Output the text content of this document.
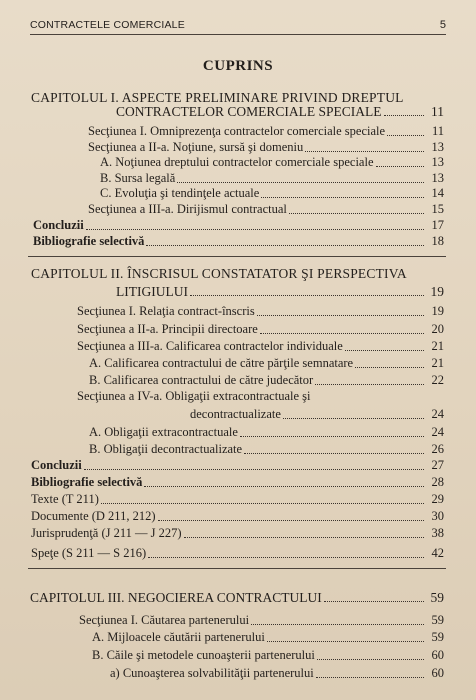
CONTRACTELE COMERCIALE	5
CUPRINS
CAPITOLUL I. ASPECTE PRELIMINARE PRIVIND DREPTUL
CONTRACTELOR COMERCIALE SPECIALE	11
Secţiunea I. Omniprezenţa contractelor comerciale speciale	11
Secţiunea a II-a. Noţiune, sursă şi domeniu	13
A. Noţiunea dreptului contractelor comerciale speciale	13
B. Sursa legală	13
C. Evoluţia şi tendinţele actuale	14
Secţiunea a III-a. Dirijismul contractual	15
Concluzii	17
Bibliografie selectivă	18
CAPITOLUL II. ÎNSCRISUL CONSTATATOR ŞI PERSPECTIVA
LITIGIULUI	19
Secţiunea I. Relaţia contract-înscris	19
Secţiunea a II-a. Principii directoare	20
Secţiunea a III-a. Calificarea contractelor individuale	21
A. Calificarea contractului de către părţile semnatare	21
B. Calificarea contractului de către judecător	22
Secţiunea a IV-a. Obligaţii extracontractuale şi
decontractualizate	24
A. Obligaţii extracontractuale	24
B. Obligaţii decontractualizate	26
Concluzii	27
Bibliografie selectivă	28
Texte (T 211)	29
Documente (D 211, 212)	30
Jurisprudenţă (J 211 — J 227)	38
Speţe (S 211 — S 216)	42
CAPITOLUL III. NEGOCIEREA CONTRACTULUI	59
Secţiunea I. Căutarea partenerului	59
A. Mijloacele căutării partenerului	59
B. Căile şi metodele cunoaşterii partenerului	60
a) Cunoaşterea solvabilităţii partenerului	60
